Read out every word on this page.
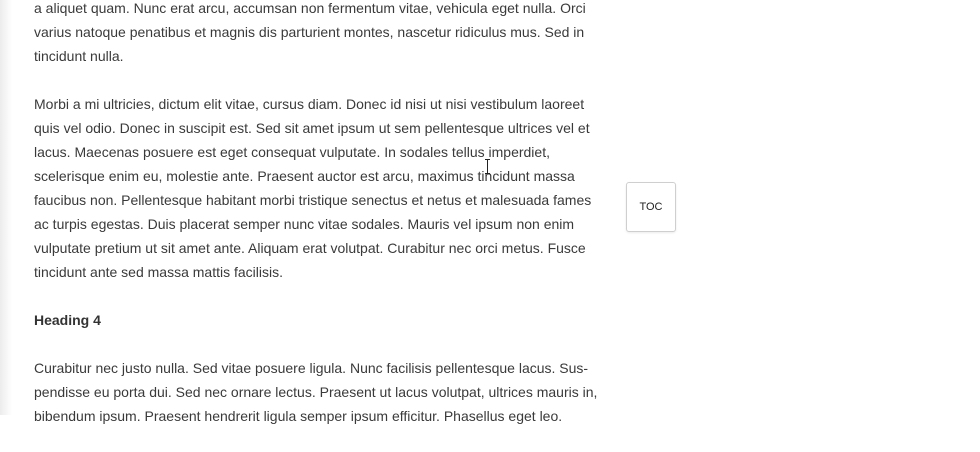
a aliquet quam. Nunc erat arcu, accumsan non fermentum vitae, vehicula eget nulla. Orci
varius natoque penatibus et magnis dis parturient montes, nascetur ridiculus mus. Sed in
tincidunt nulla.

Morbi a mi ultricies, dictum elit vitae, cursus diam. Donec id nisi ut nisi vestibulum laoreet
quis vel odio. Donec in suscipit est. Sed sit amet ipsum ut sem pellentesque ultrices vel et
lacus. Maecenas posuere est eget consequat vulputate. In sodales tellus imperdiet,
scelerisque enim eu, molestie ante. Praesent auctor est arcu, maximus tincidunt massa
faucibus non. Pellentesque habitant morbi tristique senectus et netus et malesuada fames
ac turpis egestas. Duis placerat semper nunc vitae sodales. Mauris vel ipsum non enim
vulputate pretium ut sit amet ante. Aliquam erat volutpat. Curabitur nec orci metus. Fusce
tincidunt ante sed massa mattis facilisis.

Heading 4

Curabitur nec justo nulla. Sed vitae posuere ligula. Nunc facilisis pellentesque lacus. Sus-
pendisse eu porta dui. Sed nec ornare lectus. Praesent ut lacus volutpat, ultrices mauris in,
bibendum ipsum. Praesent hendrerit ligula semper ipsum efficitur. Phasellus eget leo.

TOC
